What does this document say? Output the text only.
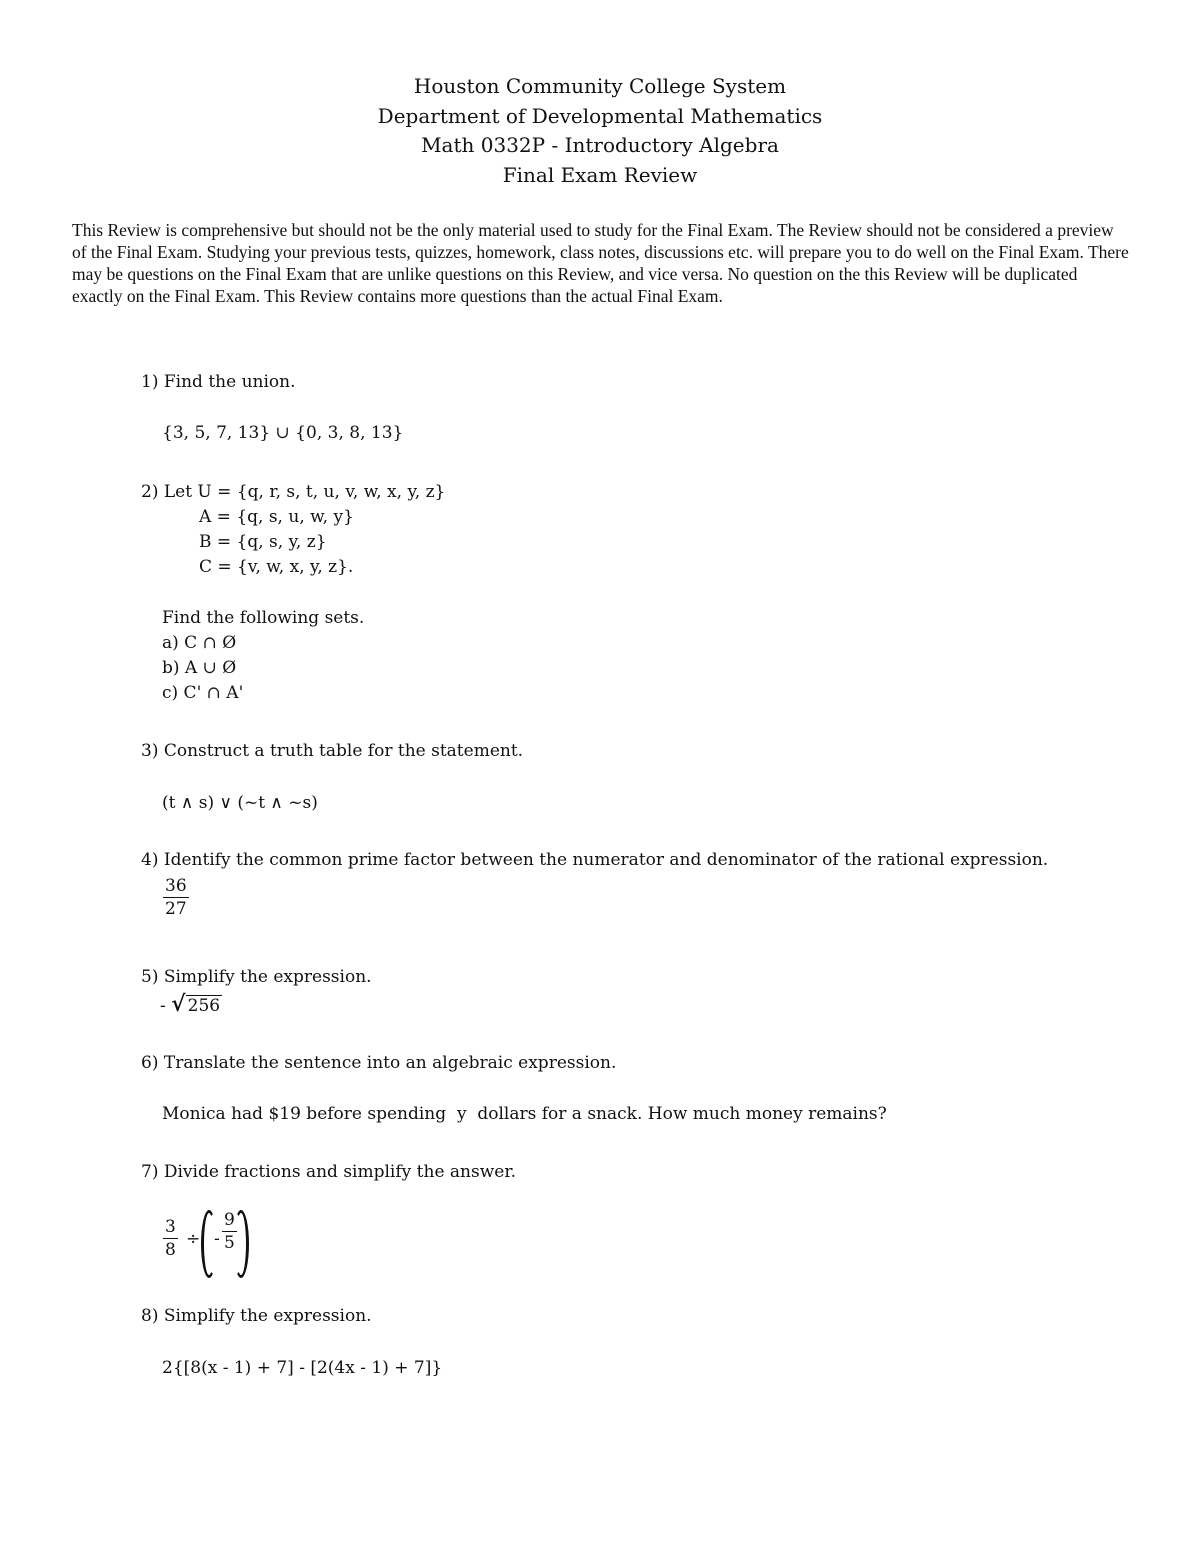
Houston Community College System
Department of Developmental Mathematics
Math 0332P - Introductory Algebra
Final Exam Review
This Review is comprehensive but should not be the only material used to study for the Final Exam. The Review should not be considered a preview of the Final Exam. Studying your previous tests, quizzes, homework, class notes, discussions etc. will prepare you to do well on the Final Exam. There may be questions on the Final Exam that are unlike questions on this Review, and vice versa. No question on the this Review will be duplicated exactly on the Final Exam. This Review contains more questions than the actual Final Exam.
1) Find the union.
{3, 5, 7, 13} ∪ {0, 3, 8, 13}
2) Let U = {q, r, s, t, u, v, w, x, y, z}
A = {q, s, u, w, y}
B = {q, s, y, z}
C = {v, w, x, y, z}.
Find the following sets.
a) C ∩ Ø
b) A ∪ Ø
c) C' ∩ A'
3) Construct a truth table for the statement.
(t ∧ s) ∨ (~t ∧ ~s)
4) Identify the common prime factor between the numerator and denominator of the rational expression.
$\frac{36}{27}$
5) Simplify the expression.
- √ 256
6) Translate the sentence into an algebraic expression.
Monica had $19 before spending  y  dollars for a snack. How much money remains?
7) Divide fractions and simplify the answer.
$\frac{3}{8}$ ÷ - $\frac{9}{5}$
8) Simplify the expression.
2{[8(x - 1) + 7] - [2(4x - 1) + 7]}
